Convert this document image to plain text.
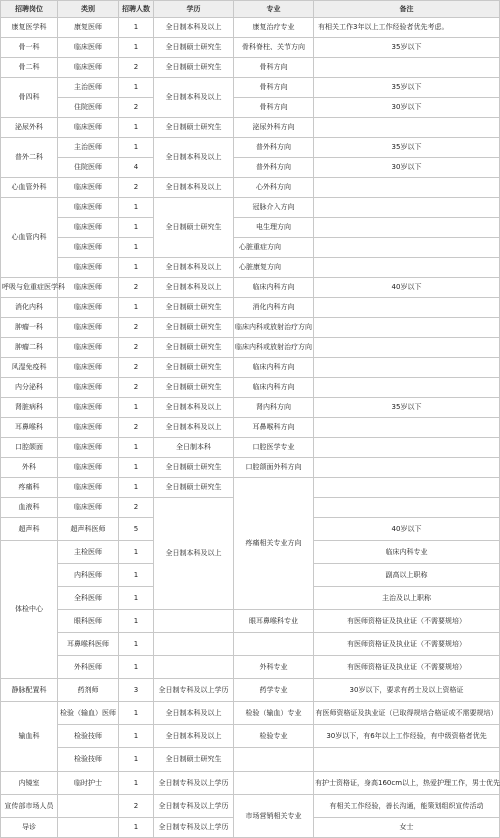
招聘岗位	类别	招聘人数	学历	专业	备注
康复医学科	康复医师	1	全日制本科及以上	康复治疗专业	有相关工作3年以上工作经验者优先考虑。
骨一科	临床医师	1	全日制硕士研究生	骨科脊柱、关节方向	35岁以下
骨二科	临床医师	2	全日制硕士研究生	骨科方向	
骨四科	主治医师	1	全日制本科及以上	骨科方向	35岁以下
	住院医师	2		骨科方向	30岁以下
泌尿外科	临床医师	1	全日制硕士研究生	泌尿外科方向	
普外二科	主治医师	1	全日制本科及以上	普外科方向	35岁以下
	住院医师	4		普外科方向	30岁以下
心血管外科	临床医师	2	全日制本科及以上	心外科方向	
心血管内科	临床医师	1	全日制硕士研究生	冠脉介入方向	
	临床医师	1		电生理方向	
	临床医师	1		心脏重症方向	
	临床医师	1	全日制本科及以上	心脏康复方向	
呼吸与危重症医学科	临床医师	2	全日制本科及以上	临床内科方向	40岁以下
消化内科	临床医师	1	全日制硕士研究生	消化内科方向	
肿瘤一科	临床医师	2	全日制硕士研究生	临床内科或放射治疗方向	
肿瘤二科	临床医师	2	全日制硕士研究生	临床内科或放射治疗方向	
风湿免疫科	临床医师	2	全日制硕士研究生	临床内科方向	
内分泌科	临床医师	2	全日制硕士研究生	临床内科方向	
肾脏病科	临床医师	1	全日制本科及以上	肾内科方向	35岁以下
耳鼻喉科	临床医师	2	全日制本科及以上	耳鼻喉科方向	
口腔颌面	临床医师	1	全日制本科	口腔医学专业	
外科	临床医师	1	全日制硕士研究生	口腔颌面外科方向	
疼痛科	临床医师	1	全日制硕士研究生	疼痛相关专业方向	
血液科	临床医师	2	全日制本科及以上		
超声科	超声科医师	5			40岁以下
体检中心	主检医师	1			临床内科专业
	内科医师	1			副高以上职称
	全科医师	1			主治及以上职称
	眼科医师	1		眼耳鼻喉科专业	有医师资格证及执业证（不需要规培）
	耳鼻喉科医师	1			有医师资格证及执业证（不需要规培）
	外科医师	1		外科专业	有医师资格证及执业证（不需要规培）
静脉配置科	药剂师	3	全日制专科及以上学历	药学专业	30岁以下，要求有药士及以上资格证
输血科	检验（输血）医师	1	全日制本科及以上	检验（输血）专业	有医师资格证及执业证（已取得规培合格证或不需要规培）
	检验技师	1	全日制本科及以上	检验专业	30岁以下，有6年以上工作经验，有中级资格者优先
	检验技师	1	全日制硕士研究生		
内镜室	临时护士	1	全日制专科及以上学历		有护士资格证，身高160cm以上，热爱护理工作，男士优先
宣传部市场人员		2	全日制专科及以上学历	市场营销相关专业	有相关工作经验，善长沟通，能策划组织宣传活动
导诊		1	全日制专科及以上学历		女士
